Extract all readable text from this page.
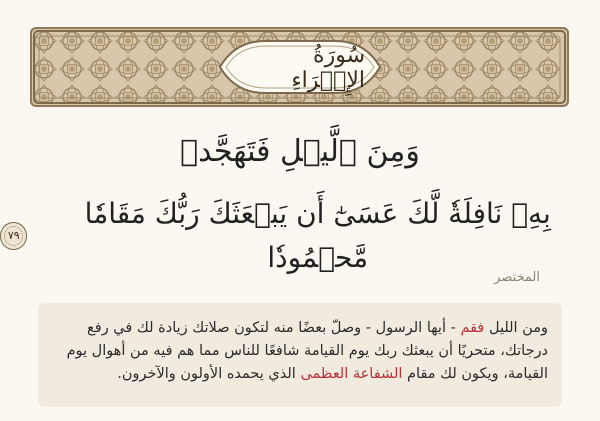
سُورَةُ الإِسۡرَاءِ
وَمِنَ ٱلَّيۡلِ فَتَهَجَّدۡ
بِهِۦ نَافِلَةٗ لَّكَ عَسَىٰٓ أَن يَبۡعَثَكَ رَبُّكَ مَقَامٗا مَّحۡمُودٗا
٧٩
المختصر

ومن الليل فقم - أيها الرسول - وصلّ بعضًا منه لتكون صلاتك زيادة لك في رفع درجاتك، متحريًا أن يبعثك ربك يوم القيامة شافعًا للناس مما هم فيه من أهوال يوم القيامة، ويكون لك مقام الشفاعة العظمى الذي يحمده الأولون والآخرون.
